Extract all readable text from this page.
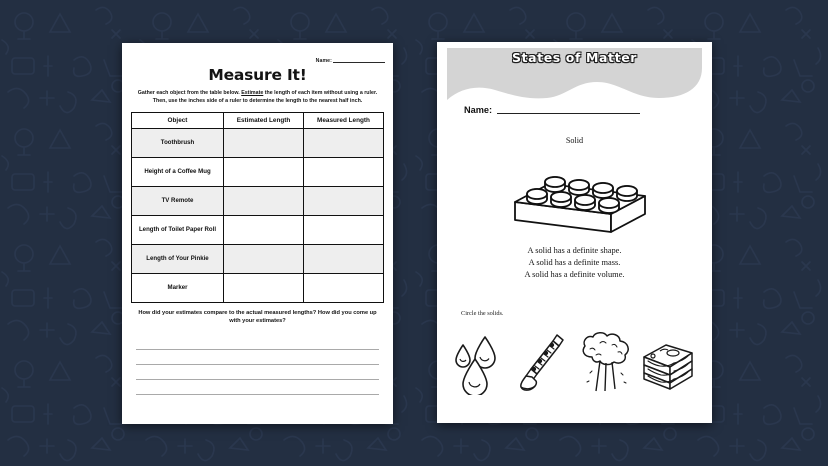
Name:
Measure It!

Gather each object from the table below. Estimate the length of each item without using a ruler. Then, use the inches side of a ruler to determine the length to the nearest half inch.

Object	Estimated Length	Measured Length
Toothbrush		
Height of a Coffee Mug		
TV Remote		
Length of Toilet Paper Roll		
Length of Your Pinkie		
Marker		

How did your estimates compare to the actual measured lengths? How did you come up with your estimates?

States of Matter
Name:
Solid
A solid has a definite shape.
A solid has a definite mass.
A solid has a definite volume.
Circle the solids.
